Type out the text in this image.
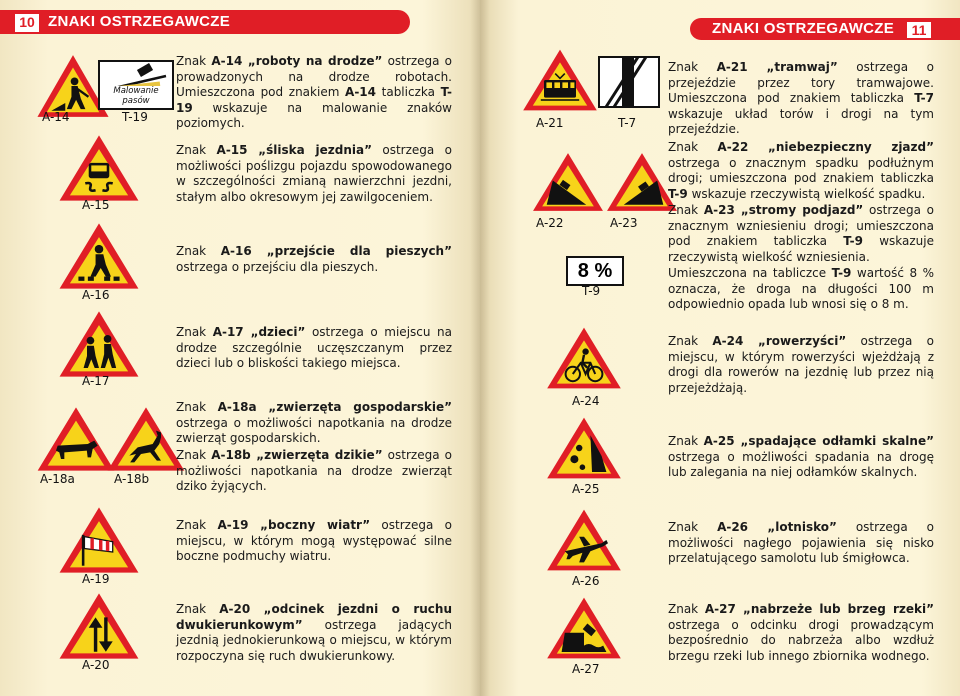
10 ZNAKI OSTRZEGAWCZE
Malowanie pasów
A-14	T-19
Znak A-14 „roboty na drodze” ostrzega o prowadzonych na drodze robotach. Umieszczona pod znakiem A-14 tabliczka T-19 wskazuje na malowanie znaków poziomych.
A-15
Znak A-15 „śliska jezdnia” ostrzega o możliwości poślizgu pojazdu spowodowanego w szczególności zmianą nawierzchni jezdni, stałym albo okresowym jej zawilgoceniem.
A-16
Znak A-16 „przejście dla pieszych” ostrzega o przejściu dla pieszych.
A-17
Znak A-17 „dzieci” ostrzega o miejscu na drodze szczególnie uczęszczanym przez dzieci lub o bliskości takiego miejsca.
A-18a	A-18b
Znak A-18a „zwierzęta gospodarskie” ostrzega o możliwości napotkania na drodze zwierząt gospodarskich.
Znak A-18b „zwierzęta dzikie” ostrzega o możliwości napotkania na drodze zwierząt dziko żyjących.
A-19
Znak A-19 „boczny wiatr” ostrzega o miejscu, w którym mogą występować silne boczne podmuchy wiatru.
A-20
Znak A-20 „odcinek jezdni o ruchu dwukierunkowym” ostrzega jadących jezdnią jednokierunkową o miejscu, w którym rozpoczyna się ruch dwukierunkowy.
ZNAKI OSTRZEGAWCZE	11
A-21	T-7
Znak A-21 „tramwaj” ostrzega o przejeździe przez tory tramwajowe. Umieszczona pod znakiem tabliczka T-7 wskazuje układ torów i drogi na tym przejeździe.
A-22	A-23
8 %
T-9
Znak A-22 „niebezpieczny zjazd” ostrzega o znacznym spadku podłużnym drogi; umieszczona pod znakiem tabliczka T-9 wskazuje rzeczywistą wielkość spadku.
Znak A-23 „stromy podjazd” ostrzega o znacznym wzniesieniu drogi; umieszczona pod znakiem tabliczka T-9 wskazuje rzeczywistą wielkość wzniesienia.
Umieszczona na tabliczce T-9 wartość 8 % oznacza, że droga na długości 100 m odpowiednio opada lub wnosi się o 8 m.
A-24
Znak A-24 „rowerzyści” ostrzega o miejscu, w którym rowerzyści wjeżdżają z drogi dla rowerów na jezdnię lub przez nią przejeżdżają.
A-25
Znak A-25 „spadające odłamki skalne” ostrzega o możliwości spadania na drogę lub zalegania na niej odłamków skalnych.
A-26
Znak A-26 „lotnisko” ostrzega o możliwości nagłego pojawienia się nisko przelatującego samolotu lub śmigłowca.
A-27
Znak A-27 „nabrzeże lub brzeg rzeki” ostrzega o odcinku drogi prowadzącym bezpośrednio do nabrzeża albo wzdłuż brzegu rzeki lub innego zbiornika wodnego.
